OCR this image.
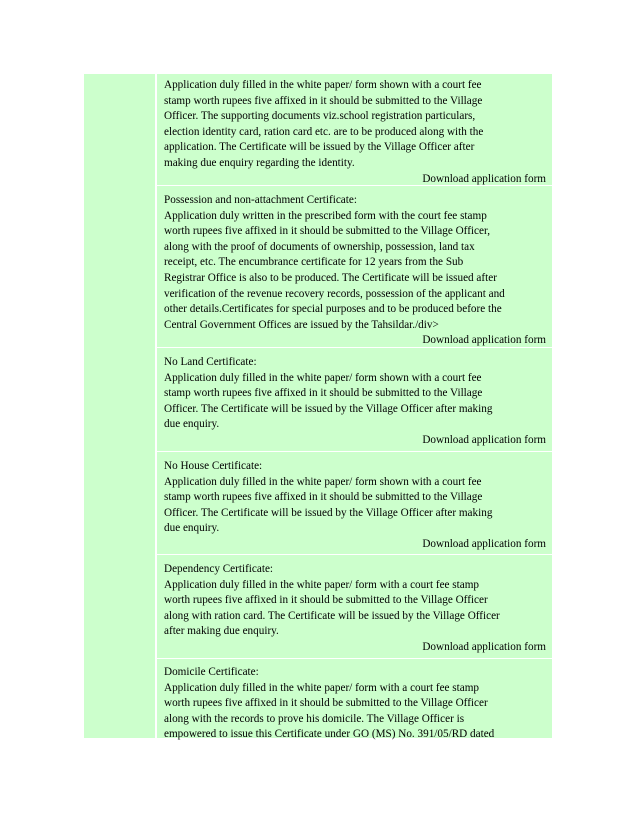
Application duly filled in the white paper/ form shown with a court fee
stamp worth rupees five affixed in it should be submitted to the Village
Officer. The supporting documents viz.school registration particulars,
election identity card, ration card etc. are to be produced along with the
application. The Certificate will be issued by the Village Officer after
making due enquiry regarding the identity.
Download application form
Possession and non-attachment Certificate:
Application duly written in the prescribed form with the court fee stamp
worth rupees five affixed in it should be submitted to the Village Officer,
along with the proof of documents of ownership, possession, land tax
receipt, etc. The encumbrance certificate for 12 years from the Sub
Registrar Office is also to be produced. The Certificate will be issued after
verification of the revenue recovery records, possession of the applicant and
other details.Certificates for special purposes and to be produced before the
Central Government Offices are issued by the Tahsildar./div>
Download application form
No Land Certificate:
Application duly filled in the white paper/ form shown with a court fee
stamp worth rupees five affixed in it should be submitted to the Village
Officer. The Certificate will be issued by the Village Officer after making
due enquiry.
Download application form
No House Certificate:
Application duly filled in the white paper/ form shown with a court fee
stamp worth rupees five affixed in it should be submitted to the Village
Officer. The Certificate will be issued by the Village Officer after making
due enquiry.
Download application form
Dependency Certificate:
Application duly filled in the white paper/ form with a court fee stamp
worth rupees five affixed in it should be submitted to the Village Officer
along with ration card. The Certificate will be issued by the Village Officer
after making due enquiry.
Download application form
Domicile Certificate:
Application duly filled in the white paper/ form with a court fee stamp
worth rupees five affixed in it should be submitted to the Village Officer
along with the records to prove his domicile. The Village Officer is
empowered to issue this Certificate under GO (MS) No. 391/05/RD dated
